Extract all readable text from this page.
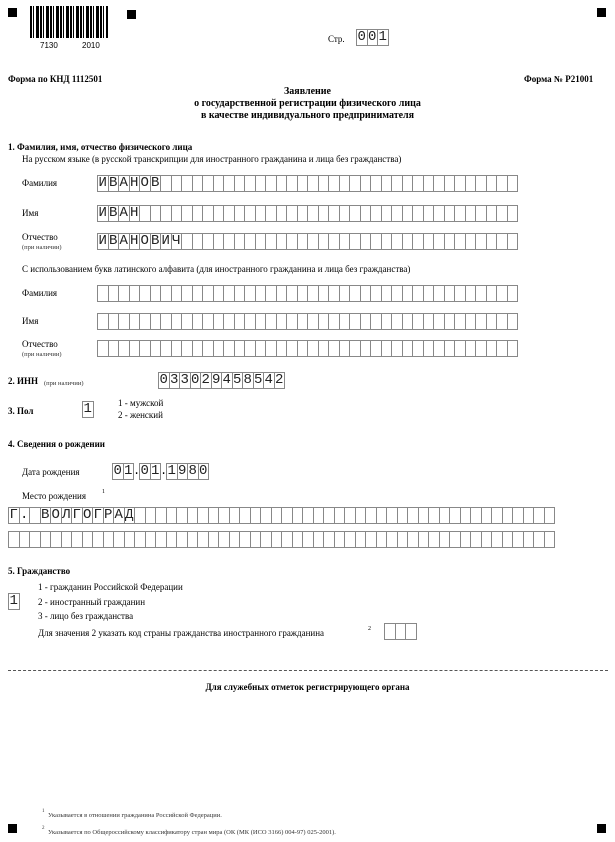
7130	2010
Стр. 0 0 1
Форма по КНД 1112501	Форма № Р21001
Заявление
о государственной регистрации физического лица
в качестве индивидуального предпринимателя
1. Фамилия, имя, отчество физического лица
На русском языке (в русской транскрипции для иностранного гражданина и лица без гражданства)
Фамилия	И В А Н О В
Имя	И В А Н
Отчество
(при наличии)	И В А Н О В И Ч
С использованием букв латинского алфавита (для иностранного гражданина и лица без гражданства)
Фамилия
Имя
Отчество
(при наличии)
2. ИНН (при наличии)	0 3 3 0 2 9 4 5 8 5 4 2
3. Пол	1	1 - мужской
2 - женский
4. Сведения о рождении
Дата рождения 0 1 . 0 1 . 1 9 8 0
Место рождения	1
Г . В О Л Г О Г Р А Д
5. Гражданство
1
1 - гражданин Российской Федерации
2 - иностранный гражданин
3 - лицо без гражданства
Для значения 2 указать код страны гражданства иностранного гражданина	2
Для служебных отметок регистрирующего органа
1
Указывается в отношении гражданина Российской Федерации.
2
Указывается по Общероссийскому классификатору стран мира (ОК (МК (ИСО 3166) 004-97) 025-2001).
